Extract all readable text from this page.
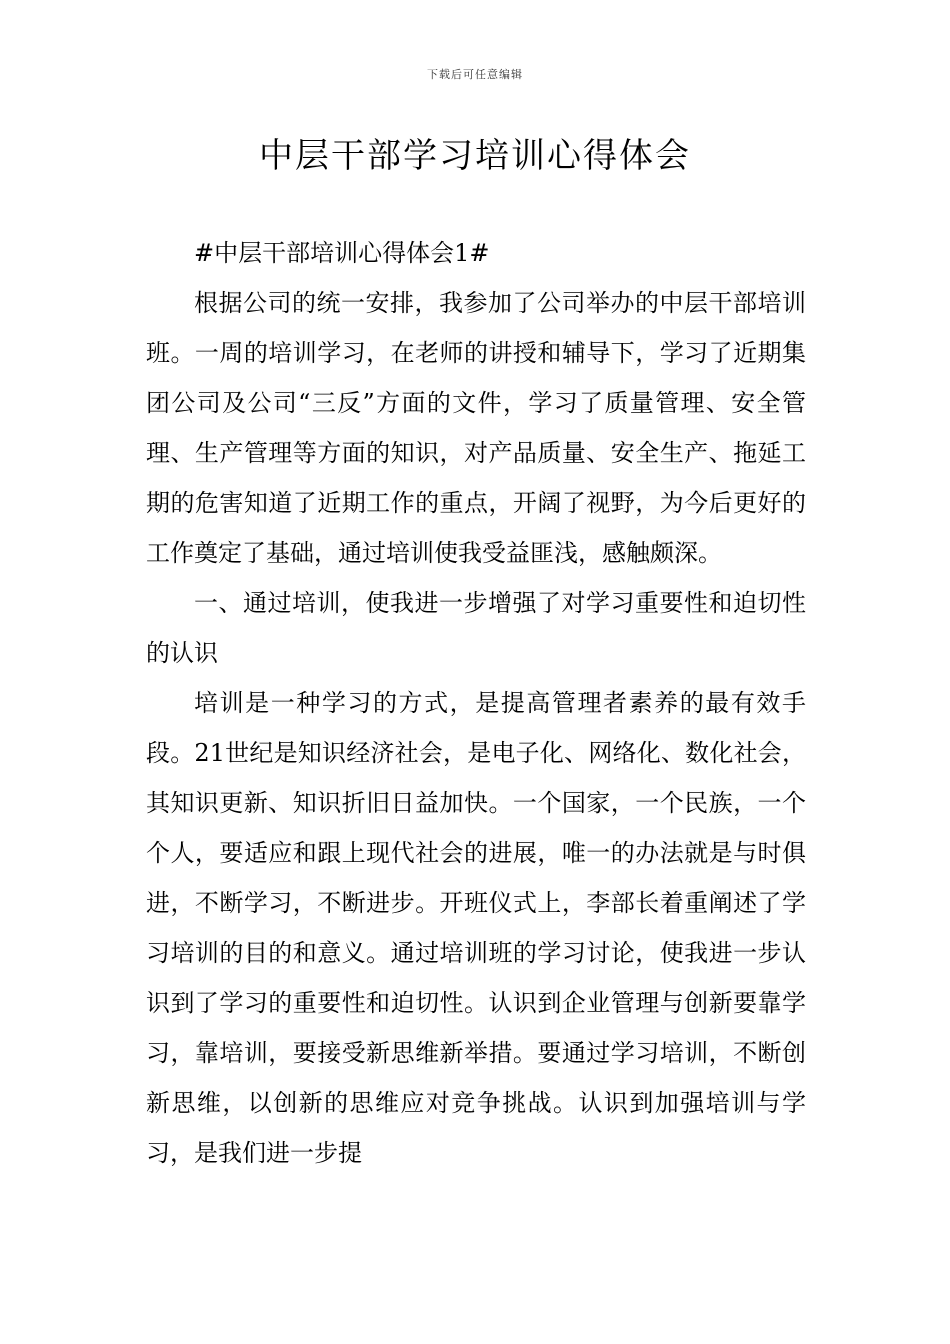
下载后可任意编辑
中层干部学习培训心得体会

#中层干部培训心得体会1#

根据公司的统一安排，我参加了公司举办的中层干部培训班。一周的培训学习，在老师的讲授和辅导下，学习了近期集团公司及公司“三反”方面的文件，学习了质量管理、安全管理、生产管理等方面的知识，对产品质量、安全生产、拖延工期的危害知道了近期工作的重点，开阔了视野，为今后更好的工作奠定了基础，通过培训使我受益匪浅，感触颇深。

一、通过培训，使我进一步增强了对学习重要性和迫切性的认识

培训是一种学习的方式，是提高管理者素养的最有效手段。21世纪是知识经济社会，是电子化、网络化、数化社会，其知识更新、知识折旧日益加快。一个国家，一个民族，一个个人，要适应和跟上现代社会的进展，唯一的办法就是与时俱进，不断学习，不断进步。开班仪式上，李部长着重阐述了学习培训的目的和意义。通过培训班的学习讨论，使我进一步认识到了学习的重要性和迫切性。认识到企业管理与创新要靠学习，靠培训，要接受新思维新举措。要通过学习培训，不断创新思维，以创新的思维应对竞争挑战。认识到加强培训与学习，是我们进一步提
